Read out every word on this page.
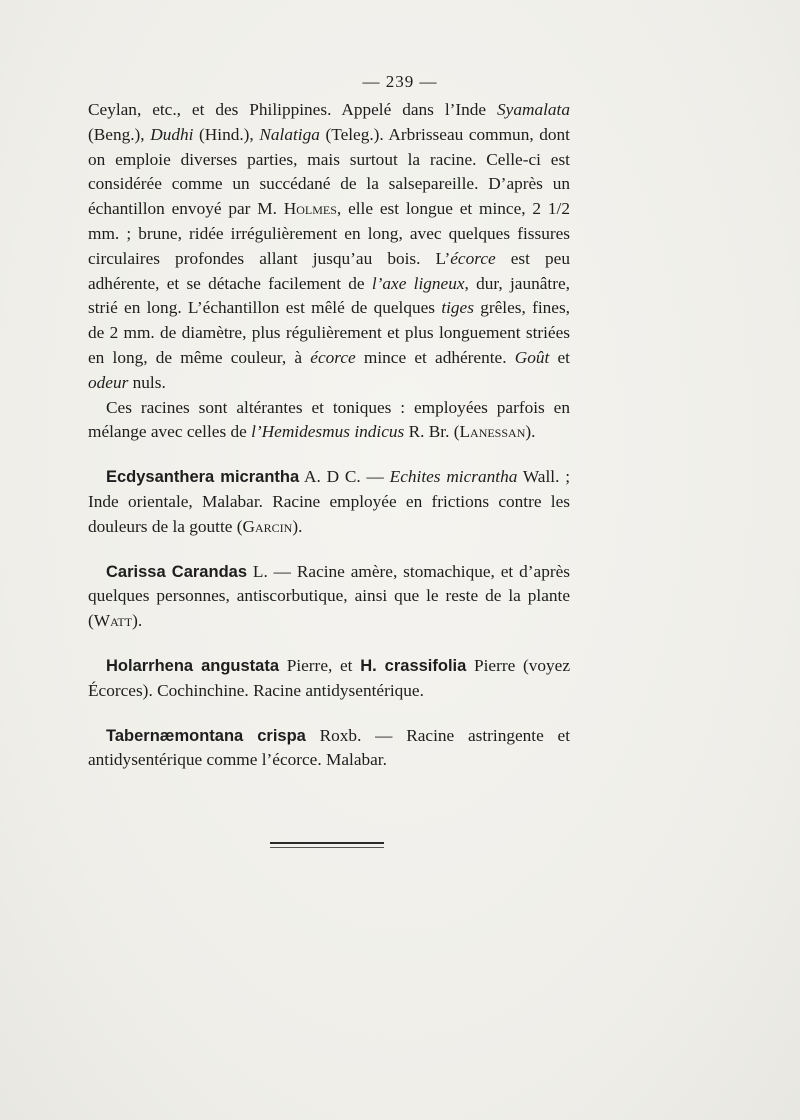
— 239 —

Ceylan, etc., et des Philippines. Appelé dans l’Inde Syamalata (Beng.), Dudhi (Hind.), Nalatiga (Teleg.). Arbrisseau commun, dont on emploie diverses parties, mais surtout la racine. Celle-ci est considérée comme un succédané de la salsepareille. D’après un échantillon envoyé par M. Holmes, elle est longue et mince, 2 1/2 mm. ; brune, ridée irrégulièrement en long, avec quelques fissures circulaires profondes allant jusqu’au bois. L’écorce est peu adhérente, et se détache facilement de l’axe ligneux, dur, jaunâtre, strié en long. L’échantillon est mêlé de quelques tiges grêles, fines, de 2 mm. de diamètre, plus régulièrement et plus longuement striées en long, de même couleur, à écorce mince et adhérente. Goût et odeur nuls.

Ces racines sont altérantes et toniques : employées parfois en mélange avec celles de l’Hemidesmus indicus R. Br. (Lanessan).

Ecdysanthera micrantha A. D C. — Echites micrantha Wall. ; Inde orientale, Malabar. Racine employée en frictions contre les douleurs de la goutte (Garcin).

Carissa Carandas L. — Racine amère, stomachique, et d’après quelques personnes, antiscorbutique, ainsi que le reste de la plante (Watt).

Holarrhena angustata Pierre, et H. crassifolia Pierre (voyez Écorces). Cochinchine. Racine antidysentérique.

Tabernæmontana crispa Roxb. — Racine astringente et antidysentérique comme l’écorce. Malabar.
